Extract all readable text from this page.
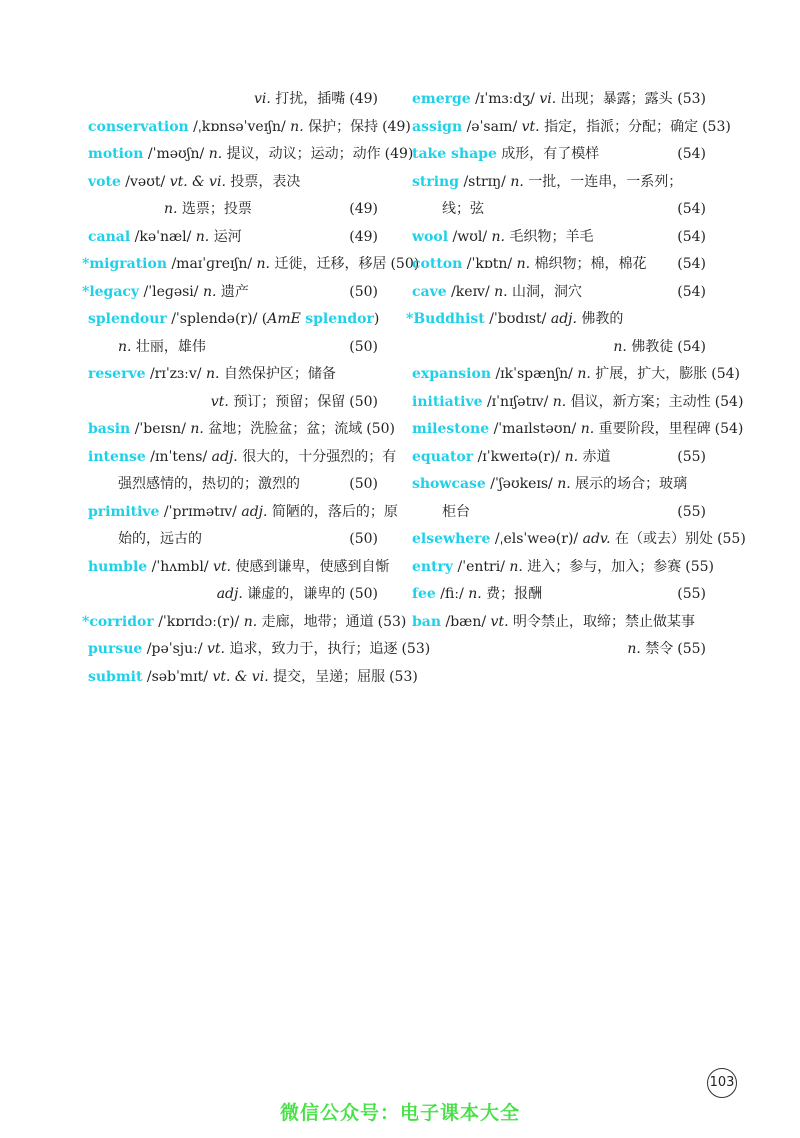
vi. 打扰，插嘴 (49)
conservation /ˌkɒnsəˈveɪʃn/ n. 保护；保持 (49)
motion /ˈməʊʃn/ n. 提议，动议；运动；动作 (49)
vote /vəʊt/ vt. & vi. 投票，表决
n. 选票；投票	(49)
canal /kəˈnæl/ n. 运河	(49)
*migration /maɪˈɡreɪʃn/ n. 迁徙，迁移，移居 (50)
*legacy /ˈleɡəsi/ n. 遗产	(50)
splendour /ˈsplendə(r)/ (AmE splendor)
n. 壮丽，雄伟	(50)
reserve /rɪˈzɜːv/ n. 自然保护区；储备
vt. 预订；预留；保留 (50)
basin /ˈbeɪsn/ n. 盆地；洗脸盆；盆；流域 (50)
intense /ɪnˈtens/ adj. 很大的，十分强烈的；有
强烈感情的，热切的；激烈的	(50)
primitive /ˈprɪmətɪv/ adj. 简陋的，落后的；原
始的，远古的	(50)
humble /ˈhʌmbl/ vt. 使感到谦卑，使感到自惭
adj. 谦虚的，谦卑的 (50)
*corridor /ˈkɒrɪdɔː(r)/ n. 走廊，地带；通道 (53)
pursue /pəˈsjuː/ vt. 追求，致力于，执行；追逐 (53)
submit /səbˈmɪt/ vt. & vi. 提交，呈递；屈服 (53)
emerge /ɪˈmɜːdʒ/ vi. 出现；暴露；露头 (53)
assign /əˈsaɪn/ vt. 指定，指派；分配；确定 (53)
take shape 成形，有了模样	(54)
string /strɪŋ/ n. 一批，一连串，一系列；
线；弦	(54)
wool /wʊl/ n. 毛织物；羊毛	(54)
cotton /ˈkɒtn/ n. 棉织物；棉，棉花	(54)
cave /keɪv/ n. 山洞，洞穴	(54)
*Buddhist /ˈbʊdɪst/ adj. 佛教的
n. 佛教徒 (54)
expansion /ɪkˈspænʃn/ n. 扩展，扩大，膨胀 (54)
initiative /ɪˈnɪʃətɪv/ n. 倡议，新方案；主动性 (54)
milestone /ˈmaɪlstəʊn/ n. 重要阶段，里程碑 (54)
equator /ɪˈkweɪtə(r)/ n. 赤道	(55)
showcase /ˈʃəʊkeɪs/ n. 展示的场合；玻璃
柜台	(55)
elsewhere /ˌelsˈweə(r)/ adv. 在（或去）别处 (55)
entry /ˈentri/ n. 进入；参与，加入；参赛 (55)
fee /fiː/ n. 费；报酬	(55)
ban /bæn/ vt. 明令禁止，取缔；禁止做某事
n. 禁令 (55)
103
微信公众号：电子课本大全
